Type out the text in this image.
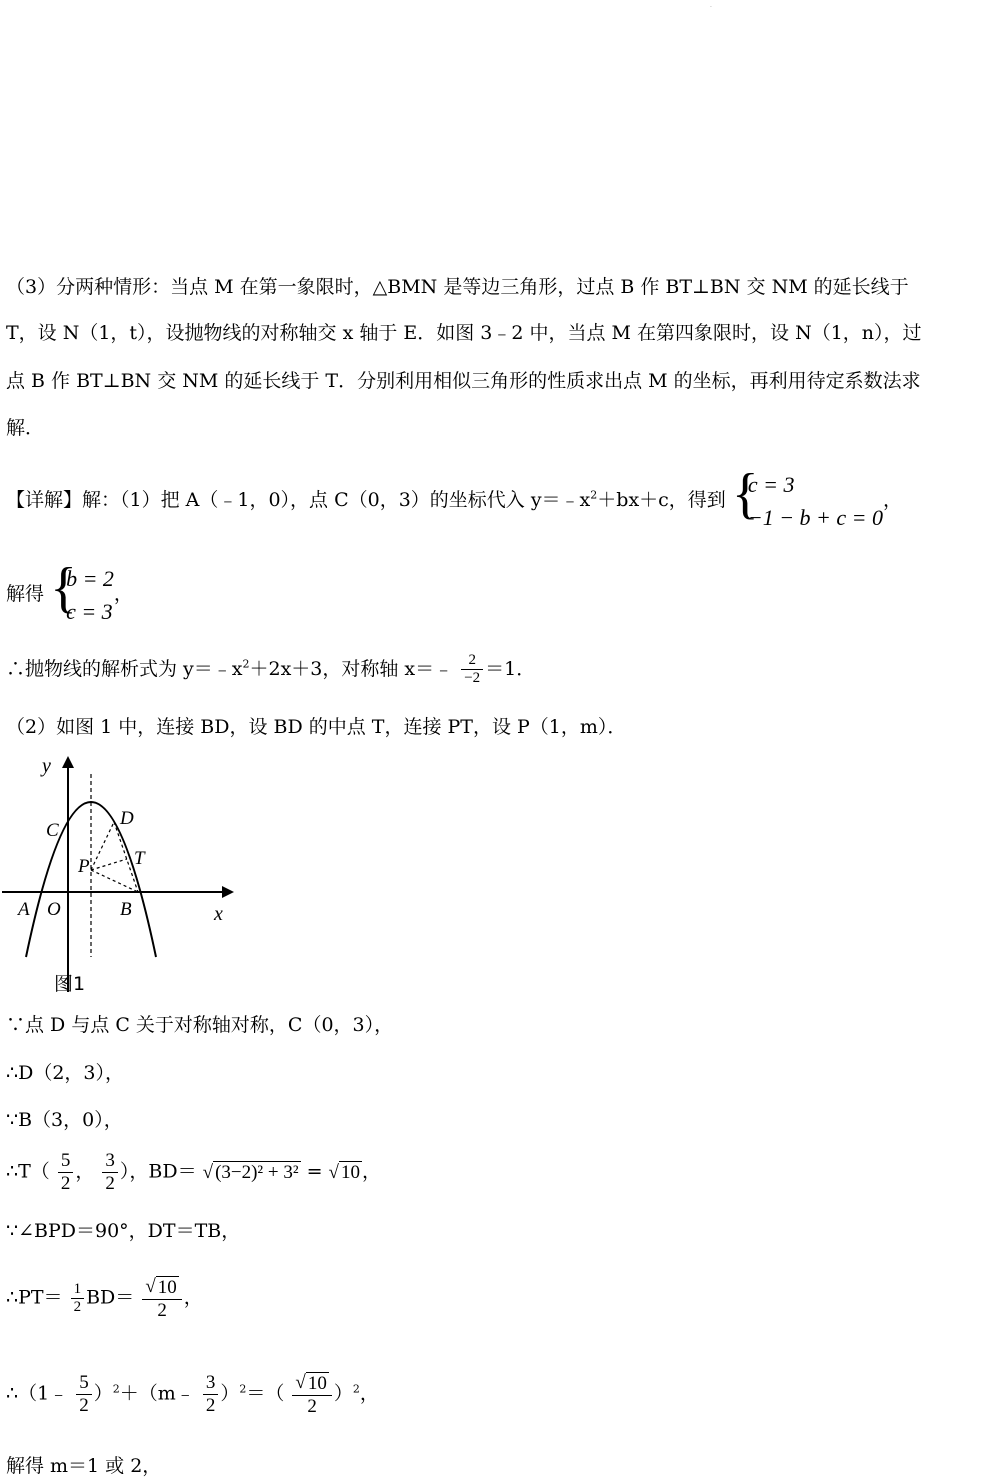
.
（3）分两种情形：当点 M 在第一象限时，△BMN 是等边三角形，过点 B 作 BT⊥BN 交 NM 的延长线于
T，设 N（1，t），设抛物线的对称轴交 x 轴于 E．如图 3﹣2 中，当点 M 在第四象限时，设 N（1，n），过
点 B 作 BT⊥BN 交 NM 的延长线于 T．分别利用相似三角形的性质求出点 M 的坐标，再利用待定系数法求
解．
【详解】解：（1）把 A（﹣1，0），点 C（0，3）的坐标代入 $y=﹣x^2+bx+c$，得到 {
c = 3
−1 − b + c = 0
，
解得 {
b = 2
c = 3
，
∴抛物线的解析式为 $y=﹣x^2+2x+3$，对称轴 x＝﹣ $\frac{2}{-2} =1$．
（2）如图 1 中，连接 BD，设 BD 的中点 T，连接 PT，设 P（1，m）．
y
x
C
D
P T
A O	B
图1
∵点 D 与点 C 关于对称轴对称，C（0，3），
∴D（2，3），
∵B（3，0），
∴T（ $\frac{5}{2}$ ， $\frac{3}{2}$ ），BD＝ √ (3−2)² + 3² = √ 10 ，
∵∠BPD＝90°，DT＝TB，
∴PT＝ $\frac{1}{2} BD= \frac{√ 10}{2}$ ，
∴（1﹣ $\frac{5}{2}$ ）$^2$＋（m﹣ $\frac{3}{2} )^2=( \frac{√ 10}{2} )^2$，
解得 m＝1 或 2，
